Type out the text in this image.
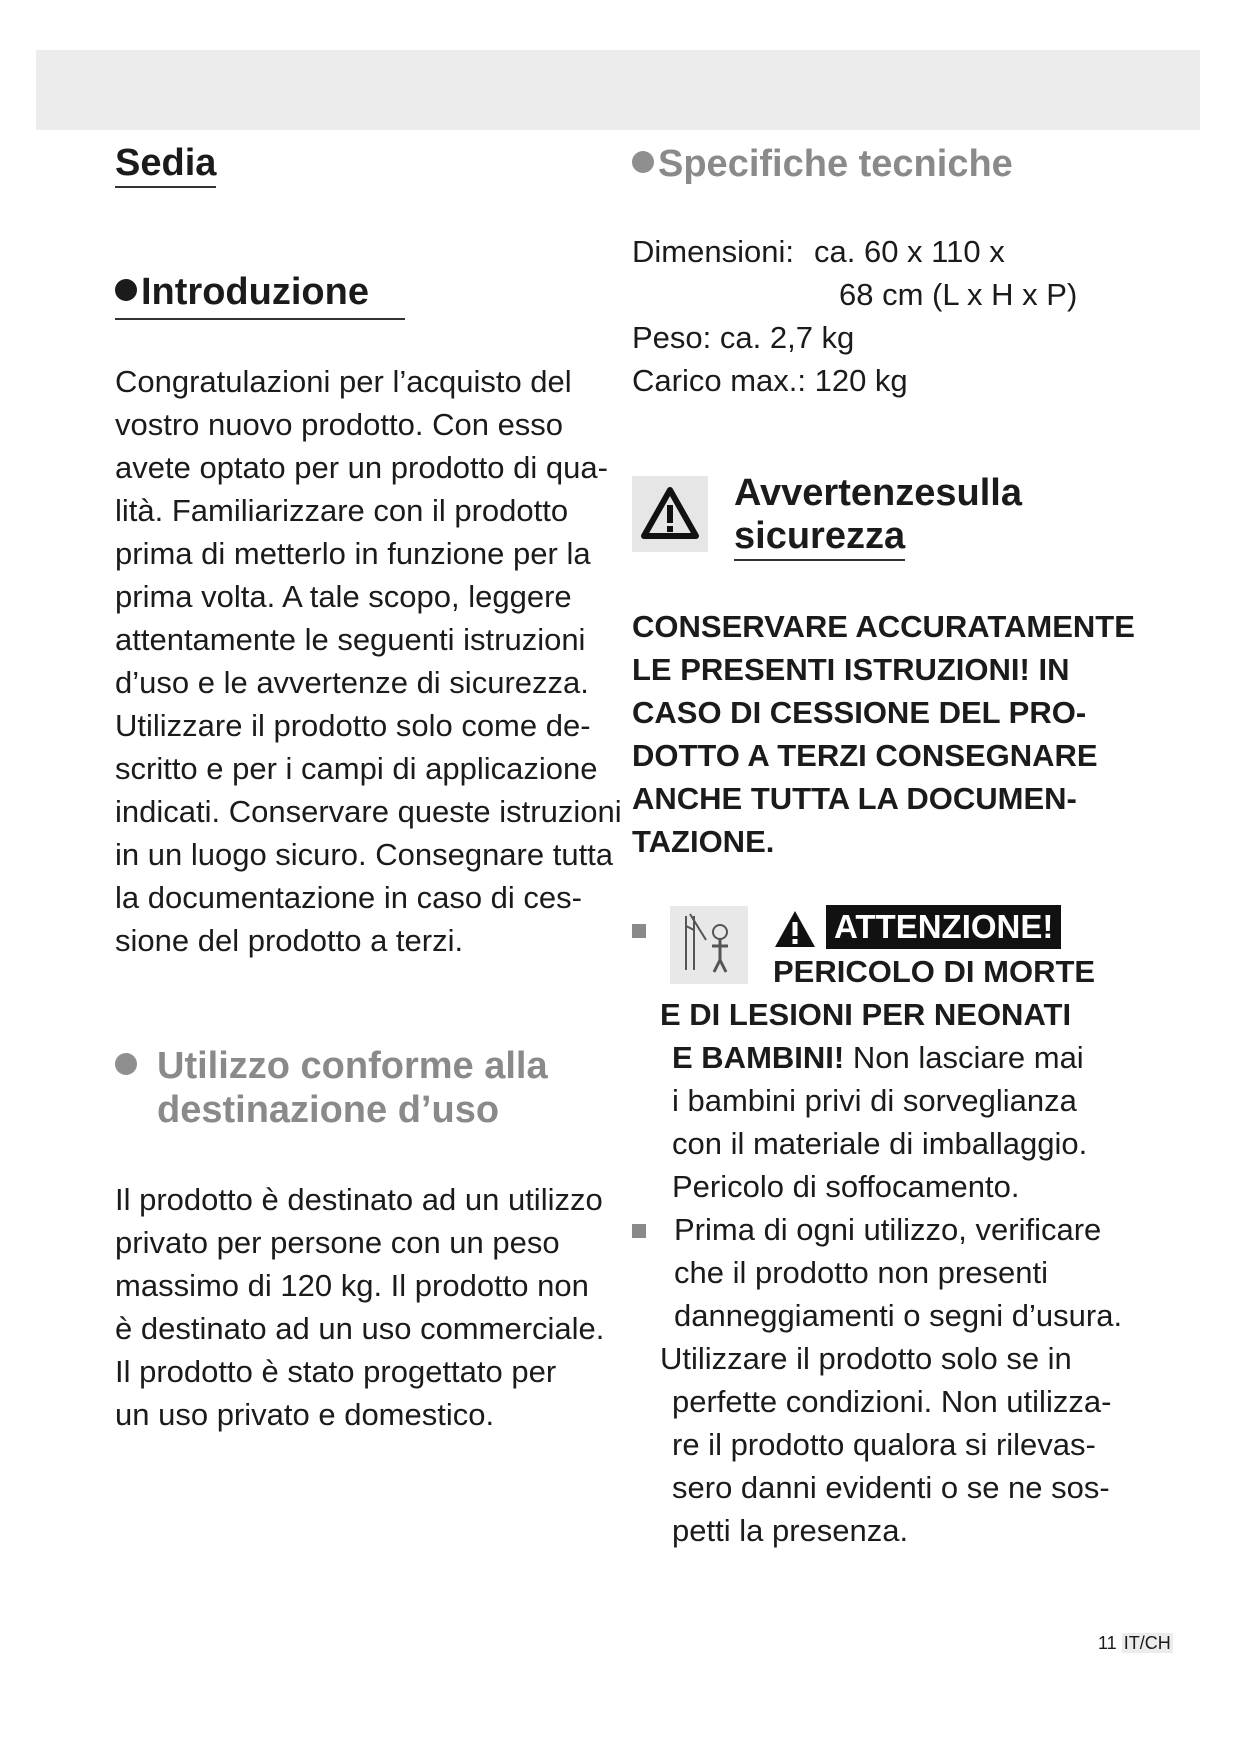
Sedia
Introduzione
Congratulazioni per l’acquisto del
vostro nuovo prodotto. Con esso
avete optato per un prodotto di qua-
lità. Familiarizzare con il prodotto
prima di metterlo in funzione per la
prima volta. A tale scopo, leggere
attentamente le seguenti istruzioni
d’uso e le avvertenze di sicurezza.
Utilizzare il prodotto solo come de-
scritto e per i campi di applicazione
indicati. Conservare queste istruzioni
in un luogo sicuro. Consegnare tutta
la documentazione in caso di ces-
sione del prodotto a terzi.
Utilizzo conforme alla
destinazione d’uso
Il prodotto è destinato ad un utilizzo
privato per persone con un peso
massimo di 120 kg. Il prodotto non
è destinato ad un uso commerciale.
Il prodotto è stato progettato per
un uso privato e domestico.
Specifiche tecniche
Dimensioni: ca. 60 x 110 x
68 cm (L x H x P)
Peso: ca. 2,7 kg
Carico max.: 120 kg
Avvertenzesulla
sicurezza
CONSERVARE ACCURATAMENTE
LE PRESENTI ISTRUZIONI! IN
CASO DI CESSIONE DEL PRO-
DOTTO A TERZI CONSEGNARE
ANCHE TUTTA LA DOCUMEN-
TAZIONE.
ATTENZIONE!
PERICOLO DI MORTE
E DI LESIONI PER NEONATI
E BAMBINI! Non lasciare mai
i bambini privi di sorveglianza
con il materiale di imballaggio.
Pericolo di soffocamento.
Prima di ogni utilizzo, verificare
che il prodotto non presenti
danneggiamenti o segni d’usura.
Utilizzare il prodotto solo se in
perfette condizioni. Non utilizza-
re il prodotto qualora si rilevas-
sero danni evidenti o se ne sos-
petti la presenza.
11 IT/CH
